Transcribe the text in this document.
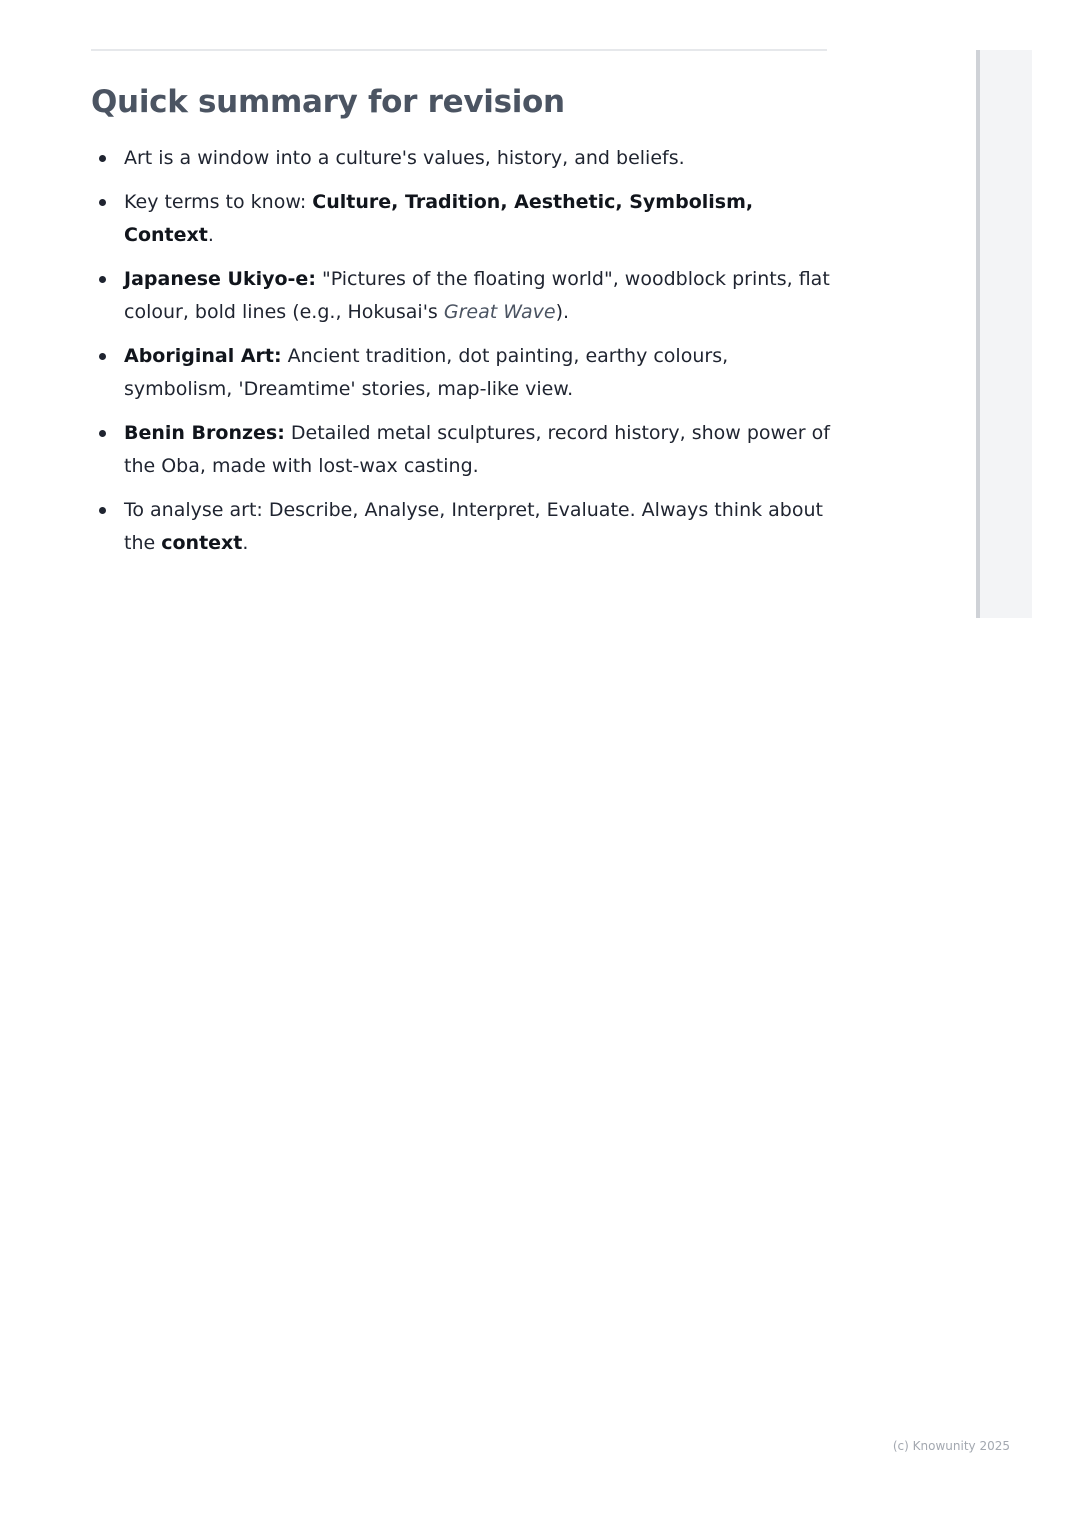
Quick summary for revision
Art is a window into a culture's values, history, and beliefs.
Key terms to know: Culture, Tradition, Aesthetic, Symbolism, Context.
Japanese Ukiyo-e: "Pictures of the floating world", woodblock prints, flat colour, bold lines (e.g., Hokusai's Great Wave).
Aboriginal Art: Ancient tradition, dot painting, earthy colours, symbolism, 'Dreamtime' stories, map-like view.
Benin Bronzes: Detailed metal sculptures, record history, show power of the Oba, made with lost-wax casting.
To analyse art: Describe, Analyse, Interpret, Evaluate. Always think about the context.
(c) Knowunity 2025
